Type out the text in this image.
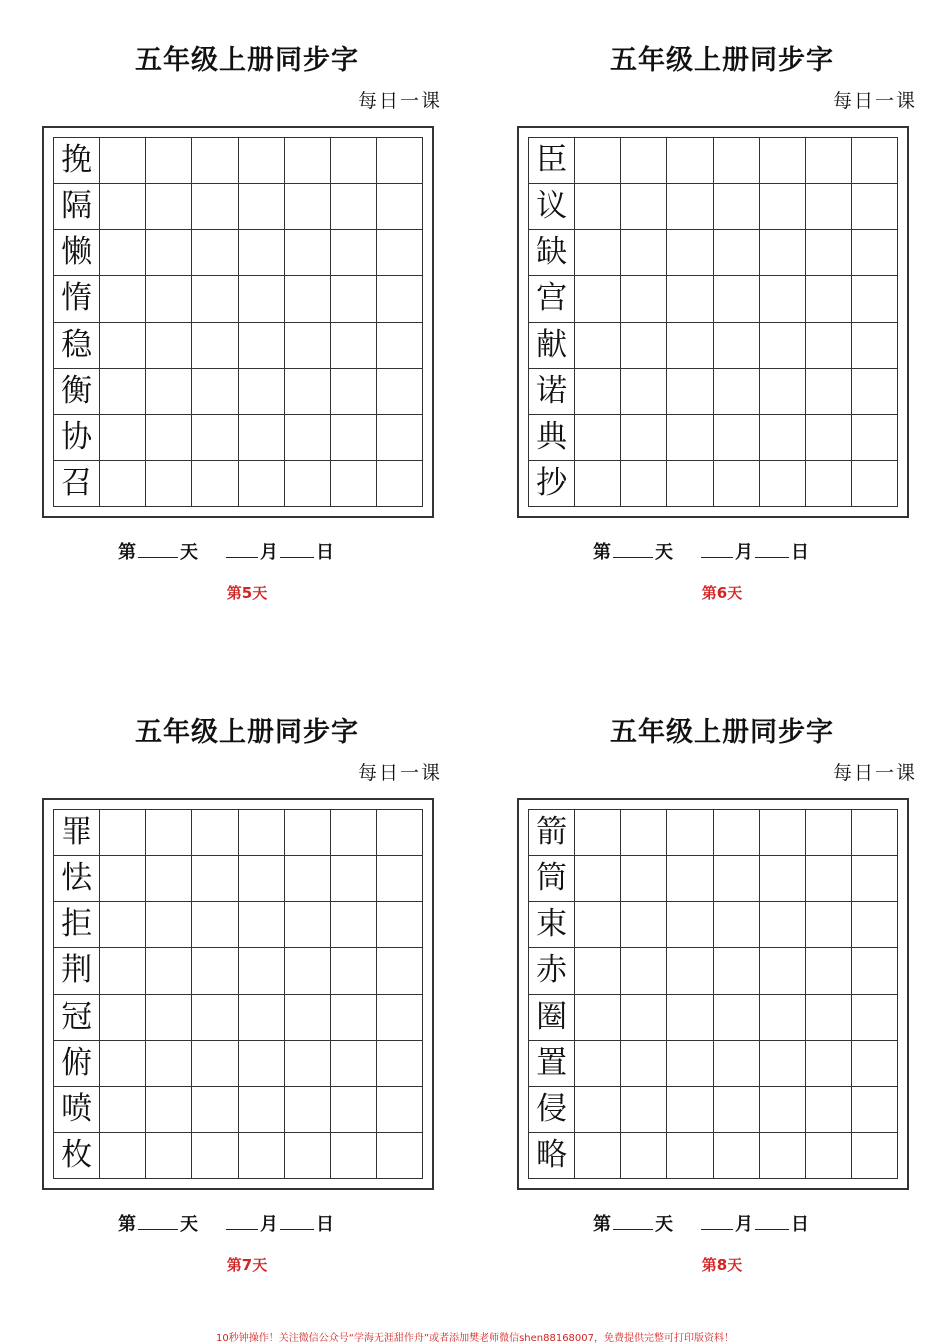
五年级上册同步字
每日一课
挽
隔
懒
惰
稳
衡
协
召
第 天	月 日
第5天
五年级上册同步字
每日一课
臣
议
缺
宫
献
诺
典
抄
第 天	月 日
第6天
五年级上册同步字
每日一课
罪
怯
拒
荆
冠
俯
喷
枚
第 天	月 日
第7天
五年级上册同步字
每日一课
箭
筒
束
赤
圈
置
侵
略
第 天	月 日
第8天
10秒钟操作！关注微信公众号“学海无涯甜作舟”或者添加樊老师微信shen88168007，免费提供完整可打印版资料！
